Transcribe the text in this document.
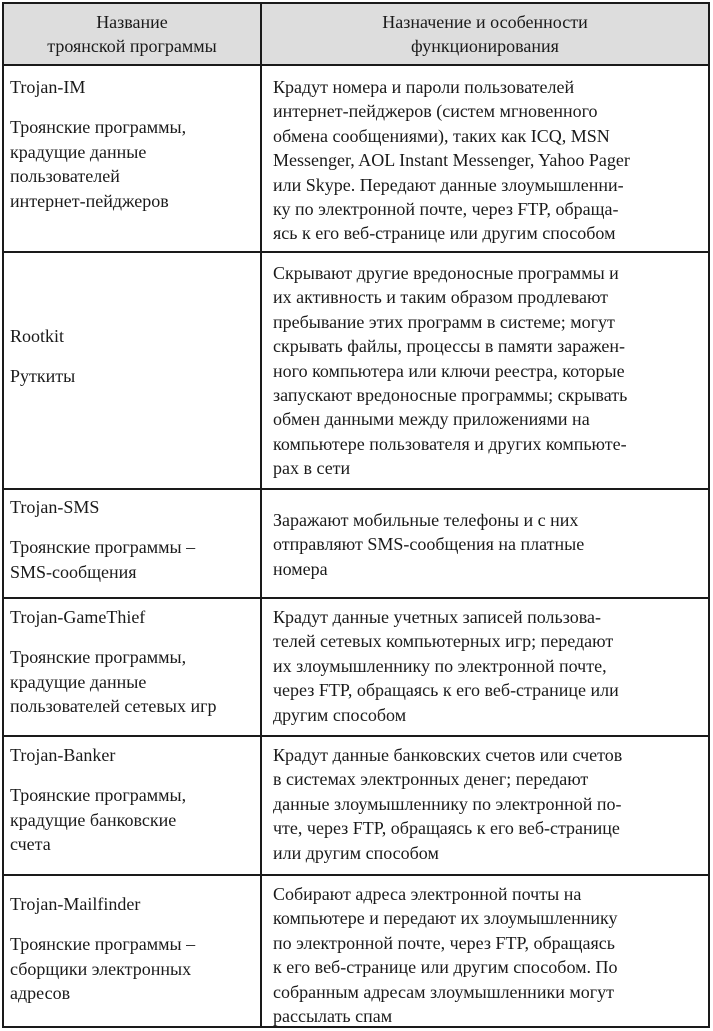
Название
троянской программы
Назначение и особенности
функционирования
Trojan-IM
Троянские программы,
крадущие данные
пользователей
интернет-пейджеров
Крадут номера и пароли пользователей
интернет-пейджеров (систем мгновенного
обмена сообщениями), таких как ICQ, MSN
Messenger, AOL Instant Messenger, Yahoo Pager
или Skype. Передают данные злоумышленни-
ку по электронной почте, через FTP, обраща-
ясь к его веб-странице или другим способом
Rootkit
Руткиты
Скрывают другие вредоносные программы и
их активность и таким образом продлевают
пребывание этих программ в системе; могут
скрывать файлы, процессы в памяти заражен-
ного компьютера или ключи реестра, которые
запускают вредоносные программы; скрывать
обмен данными между приложениями на
компьютере пользователя и других компьюте-
рах в сети
Trojan-SMS
Троянские программы –
SMS-сообщения
Заражают мобильные телефоны и с них
отправляют SMS-сообщения на платные
номера
Trojan-GameThief
Троянские программы,
крадущие данные
пользователей сетевых игр
Крадут данные учетных записей пользова-
телей сетевых компьютерных игр; передают
их злоумышленнику по электронной почте,
через FTP, обращаясь к его веб-странице или
другим способом
Trojan-Banker
Троянские программы,
крадущие банковские
счета
Крадут данные банковских счетов или счетов
в системах электронных денег; передают
данные злоумышленнику по электронной по-
чте, через FTP, обращаясь к его веб-странице
или другим способом
Trojan-Mailfinder
Троянские программы –
сборщики электронных
адресов
Собирают адреса электронной почты на
компьютере и передают их злоумышленнику
по электронной почте, через FTP, обращаясь
к его веб-странице или другим способом. По
собранным адресам злоумышленники могут
рассылать спам
